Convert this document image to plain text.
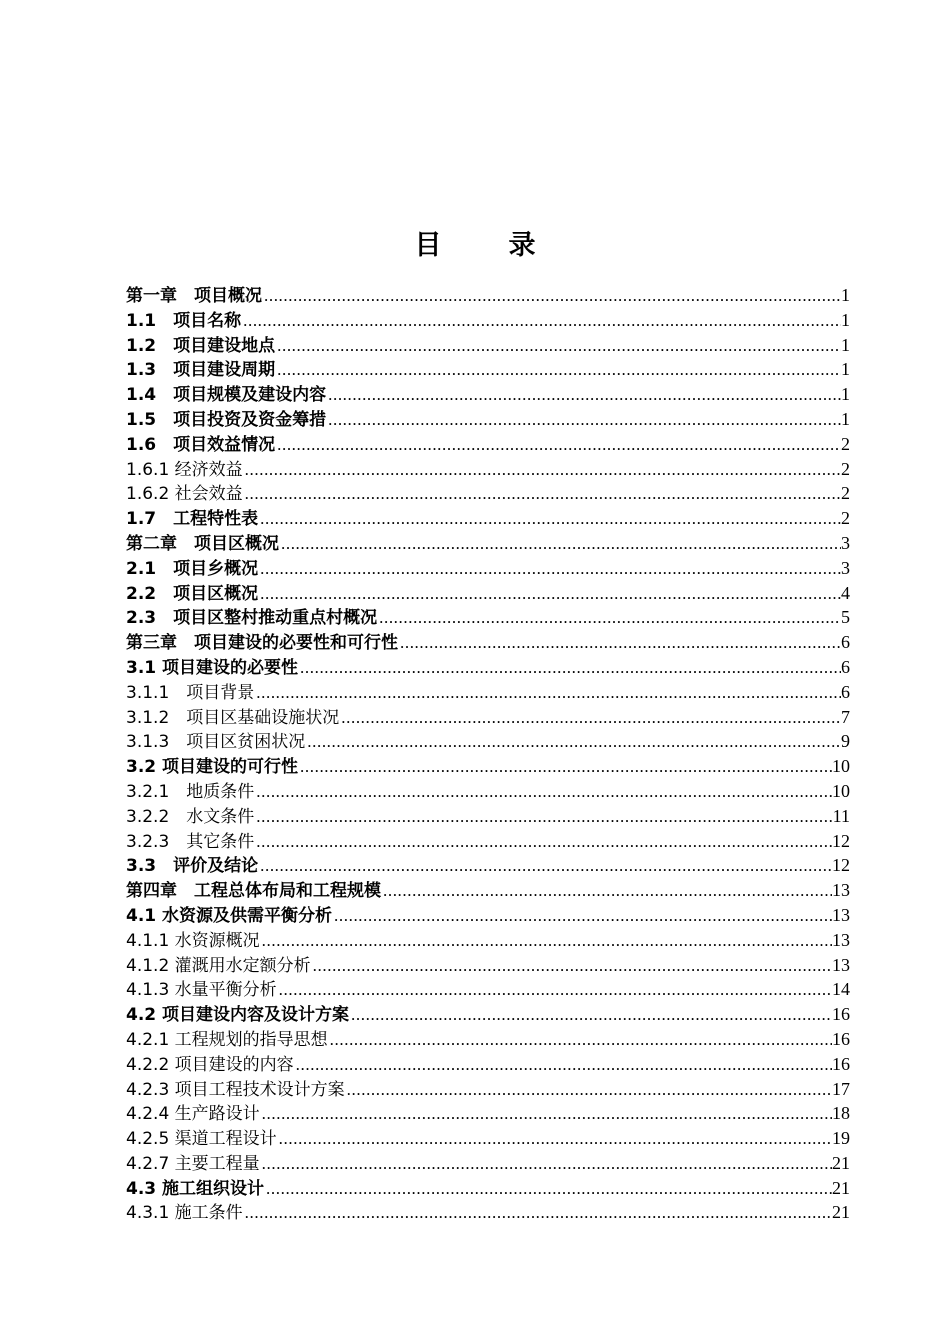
目　录
第一章　项目概况 .....	1
1.1　项目名称 .....	1
1.2　项目建设地点 .....	1
1.3　项目建设周期 .....	1
1.4　项目规模及建设内容 .....	1
1.5　项目投资及资金筹措 .....	1
1.6　项目效益情况 .....	2
1.6.1 经济效益 .....	2
1.6.2 社会效益 .....	2
1.7　工程特性表 .....	2
第二章　项目区概况 .....	3
2.1　项目乡概况 .....	3
2.2　项目区概况 .....	4
2.3　项目区整村推动重点村概况 .....	5
第三章　项目建设的必要性和可行性 .....	6
3.1 项目建设的必要性 .....	6
3.1.1　项目背景 .....	6
3.1.2　项目区基础设施状况 .....	7
3.1.3　项目区贫困状况 .....	9
3.2 项目建设的可行性 .....	10
3.2.1　地质条件 .....	10
3.2.2　水文条件 .....	11
3.2.3　其它条件 .....	12
3.3　评价及结论 .....	12
第四章　工程总体布局和工程规模 .....	13
4.1 水资源及供需平衡分析 .....	13
4.1.1 水资源概况 .....	13
4.1.2 灌溉用水定额分析 .....	13
4.1.3 水量平衡分析 .....	14
4.2 项目建设内容及设计方案 .....	16
4.2.1 工程规划的指导思想 .....	16
4.2.2 项目建设的内容 .....	16
4.2.3 项目工程技术设计方案 .....	17
4.2.4 生产路设计 .....	18
4.2.5 渠道工程设计 .....	19
4.2.7 主要工程量 .....	21
4.3 施工组织设计 .....	21
4.3.1 施工条件 .....	21
